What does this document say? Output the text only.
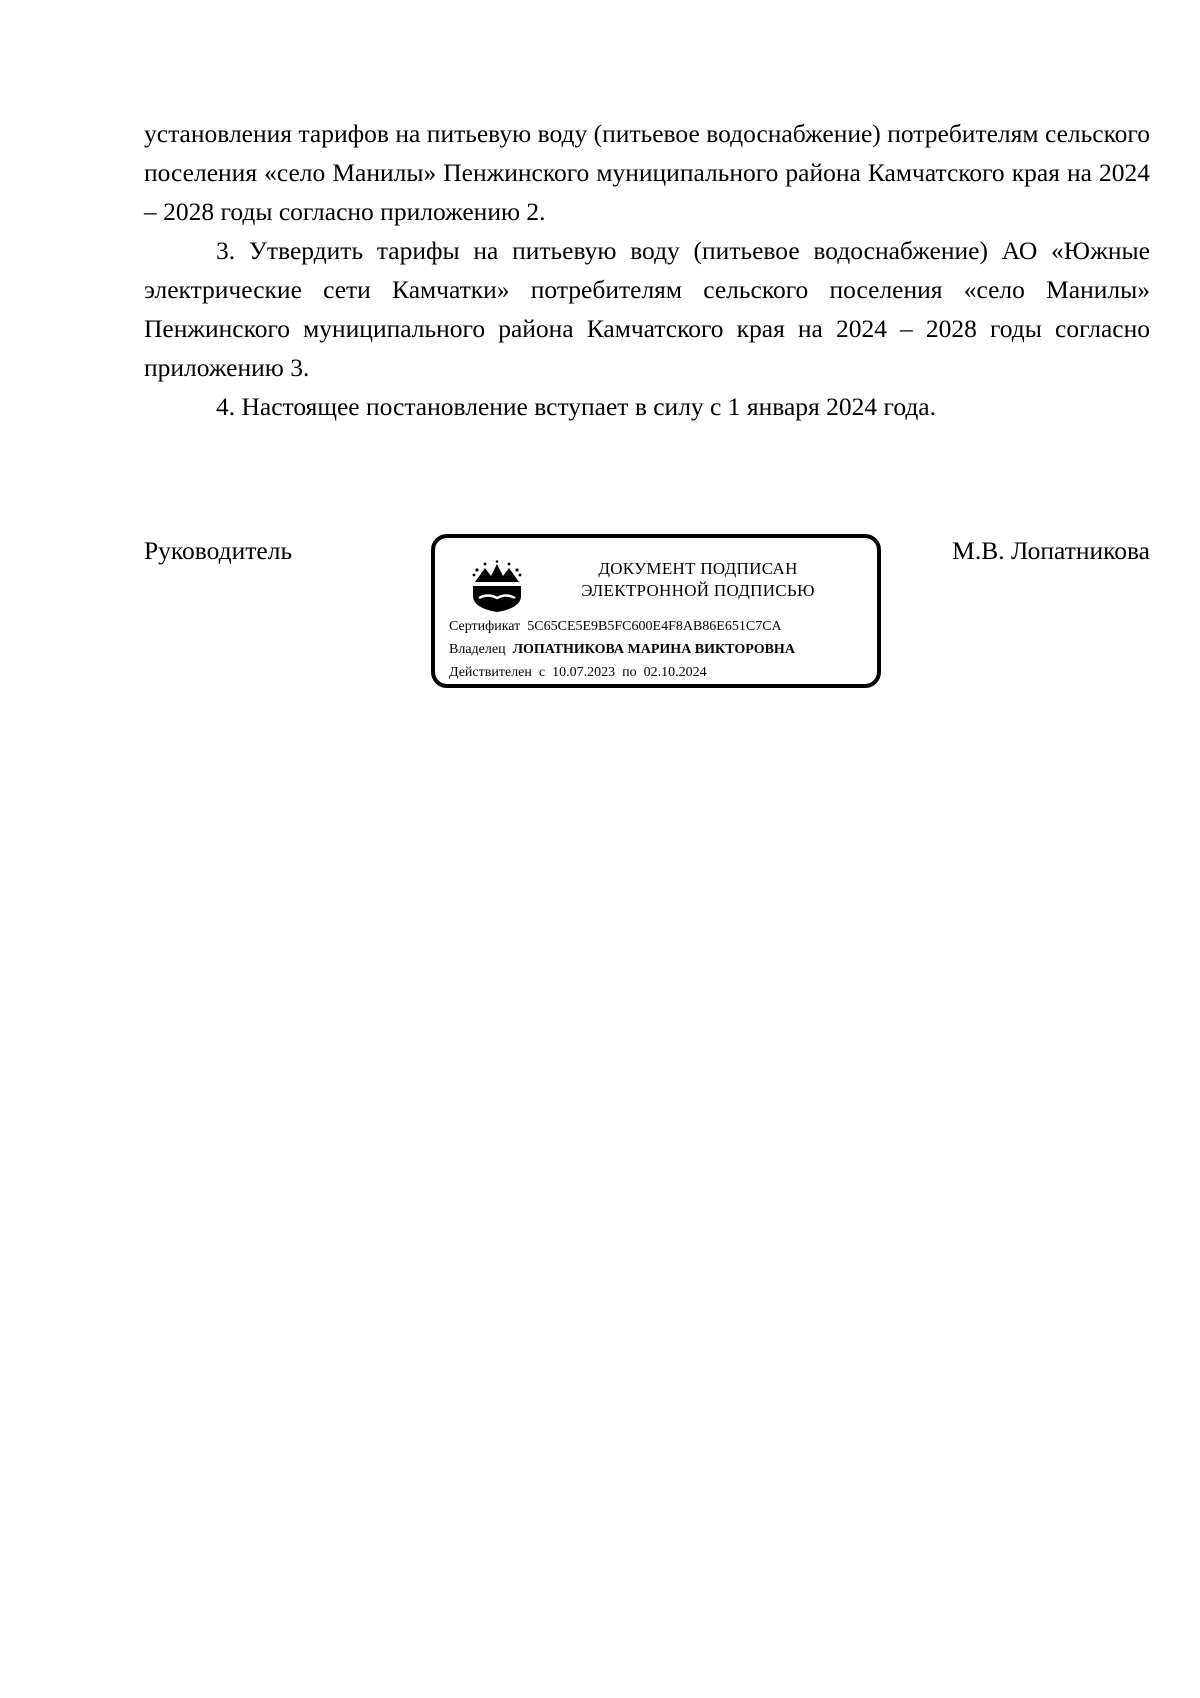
установления тарифов на питьевую воду (питьевое водоснабжение) потребителям сельского поселения «село Манилы» Пенжинского муниципального района Камчатского края на 2024 – 2028 годы согласно приложению 2.

3. Утвердить тарифы на питьевую воду (питьевое водоснабжение) АО «Южные электрические сети Камчатки» потребителям сельского поселения «село Манилы» Пенжинского муниципального района Камчатского края на 2024 – 2028 годы согласно приложению 3.

4. Настоящее постановление вступает в силу с 1 января 2024 года.

Руководитель
ДОКУМЕНТ ПОДПИСАН
ЭЛЕКТРОННОЙ ПОДПИСЬЮ
Сертификат 5C65CE5E9B5FC600E4F8AB86E651C7CA
Владелец ЛОПАТНИКОВА МАРИНА ВИКТОРОВНА
Действителен с 10.07.2023 по 02.10.2024
М.В. Лопатникова
